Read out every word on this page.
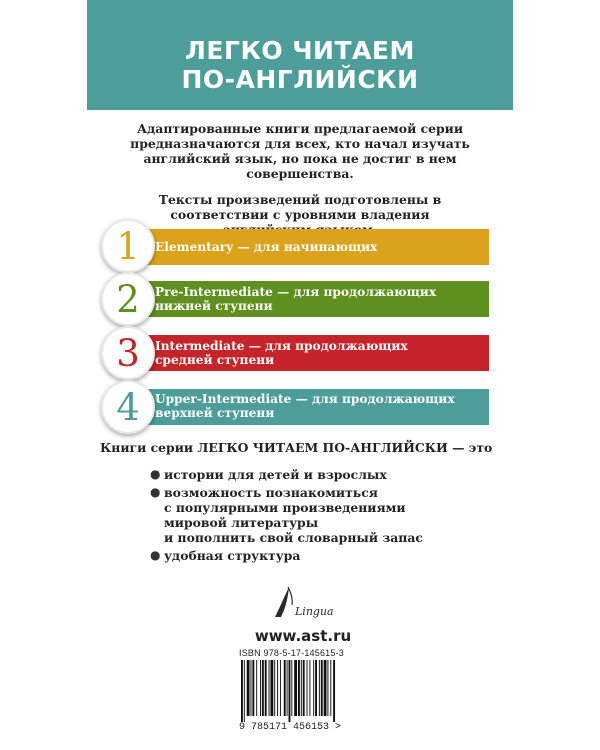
ЛЕГКО ЧИТАЕМ
ПО-АНГЛИЙСКИ

Адаптированные книги предлагаемой серии предназначаются для всех, кто начал изучать английский язык, но пока не достиг в нем совершенства.

Тексты произведений подготовлены в соответствии с уровнями владения

Elementary — для начинающих
1
Pre-Intermediate — для продолжающих
нижней ступени
2
Intermediate — для продолжающих
средней ступени
3
Upper-Intermediate — для продолжающих
верхней ступени
4
Книги серии ЛЕГКО ЧИТАЕМ ПО-АНГЛИЙСКИ — это
● истории для детей и взрослых
● возможность познакомиться
с популярными произведениями
мировой литературы
и пополнить свой словарный запас
● удобная структура
Lingua
www.ast.ru
ISBN 978-5-17-145615-3
9 785171 456153 >
